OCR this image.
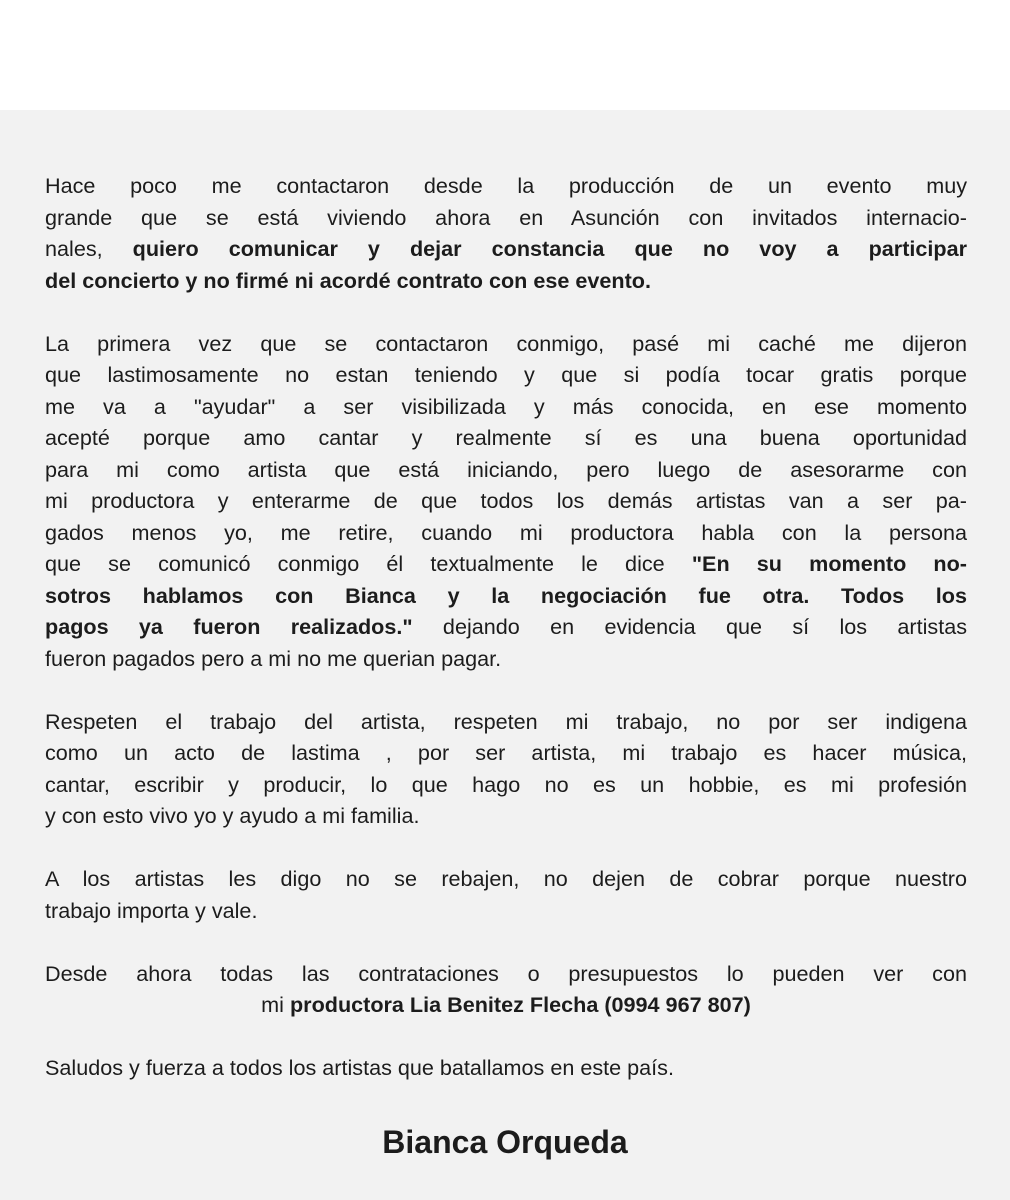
Hace poco me contactaron desde la producción de un evento muy
grande que se está viviendo ahora en Asunción con invitados internacio-
nales, quiero comunicar y dejar constancia que no voy a participar
del concierto y no firmé ni acordé contrato con ese evento.
La primera vez que se contactaron conmigo, pasé mi caché me dijeron
que lastimosamente no estan teniendo y que si podía tocar gratis porque
me va a "ayudar" a ser visibilizada y más conocida, en ese momento
acepté porque amo cantar y realmente sí es una buena oportunidad
para mi como artista que está iniciando, pero luego de asesorarme con
mi productora y enterarme de que todos los demás artistas van a ser pa-
gados menos yo, me retire, cuando mi productora habla con la persona
que se comunicó conmigo él textualmente le dice "En su momento no-
sotros hablamos con Bianca y la negociación fue otra. Todos los
pagos ya fueron realizados." dejando en evidencia que sí los artistas
fueron pagados pero a mi no me querian pagar.
Respeten el trabajo del artista, respeten mi trabajo, no por ser indigena
como un acto de lastima , por ser artista, mi trabajo es hacer música,
cantar, escribir y producir, lo que hago no es un hobbie, es mi profesión
y con esto vivo yo y ayudo a mi familia.
A los artistas les digo no se rebajen, no dejen de cobrar porque nuestro
trabajo importa y vale.
Desde ahora todas las contrataciones o presupuestos lo pueden ver con
mi productora Lia Benitez Flecha (0994 967 807)
Saludos y fuerza a todos los artistas que batallamos en este país.
Bianca Orqueda
